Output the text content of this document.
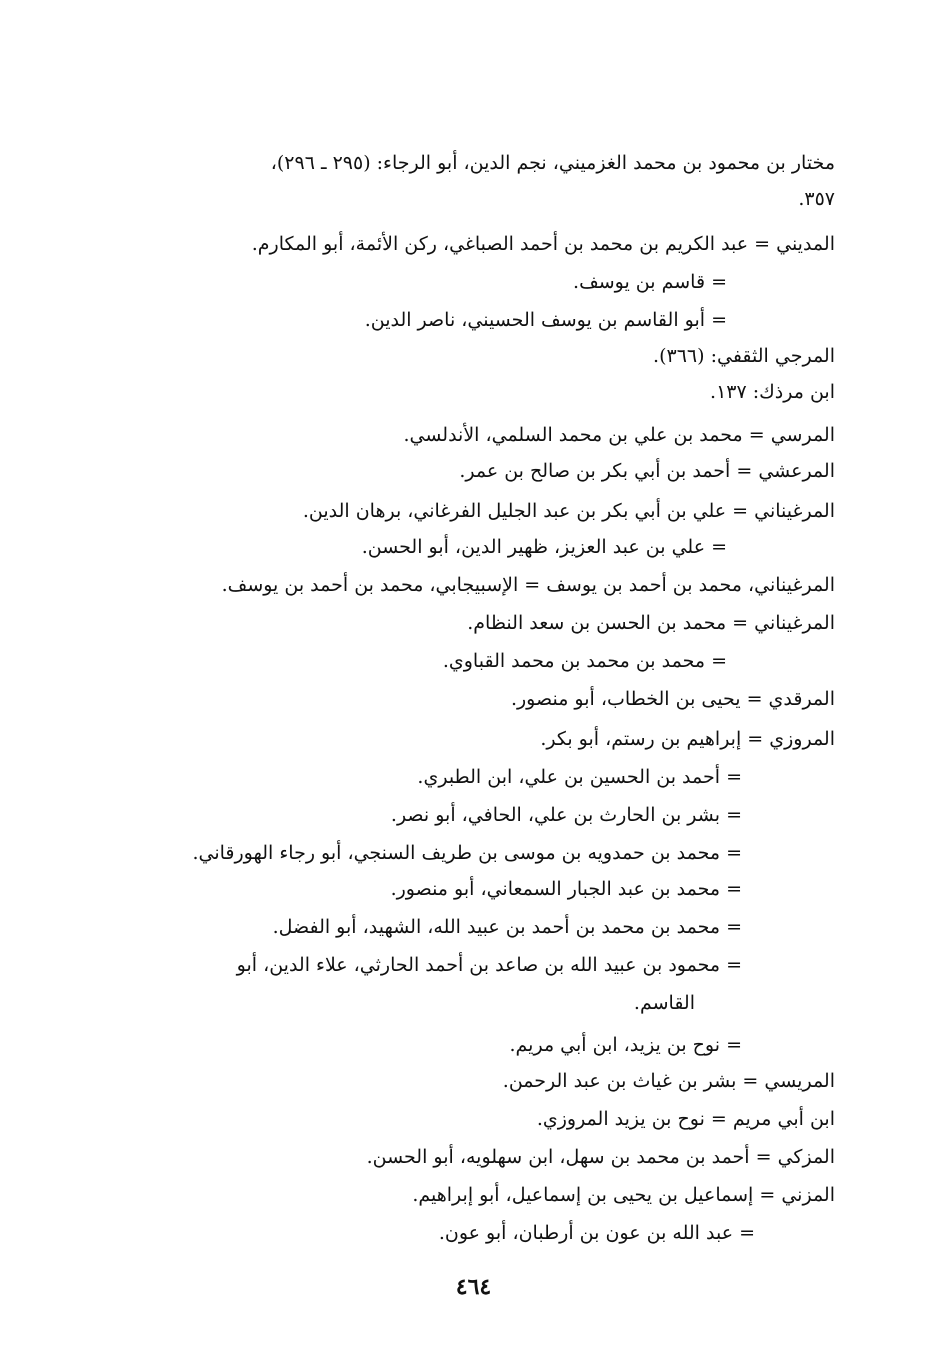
مختار بن محمود بن محمد الغزميني، نجم الدين، أبو الرجاء: (٢٩٥ ـ ٢٩٦)،
٣٥٧.
المديني = عبد الكريم بن محمد بن أحمد الصباغي، ركن الأئمة، أبو المكارم.
= قاسم بن يوسف.
= أبو القاسم بن يوسف الحسيني، ناصر الدين.
المرجي الثقفي: (٣٦٦).
ابن مرذك: ١٣٧.
المرسي = محمد بن علي بن محمد السلمي، الأندلسي.
المرعشي = أحمد بن أبي بكر بن صالح بن عمر.
المرغيناني = علي بن أبي بكر بن عبد الجليل الفرغاني، برهان الدين.
= علي بن عبد العزيز، ظهير الدين، أبو الحسن.
المرغيناني، محمد بن أحمد بن يوسف = الإسبيجابي، محمد بن أحمد بن يوسف.
المرغيناني = محمد بن الحسن بن سعد النظام.
= محمد بن محمد بن محمد القباوي.
المرقدي = يحيى بن الخطاب، أبو منصور.
المروزي = إبراهيم بن رستم، أبو بكر.
= أحمد بن الحسين بن علي، ابن الطبري.
= بشر بن الحارث بن علي، الحافي، أبو نصر.
= محمد بن حمدويه بن موسى بن طريف السنجي، أبو رجاء الهورقاني.
= محمد بن عبد الجبار السمعاني، أبو منصور.
= محمد بن محمد بن أحمد بن عبيد الله، الشهيد، أبو الفضل.
= محمود بن عبيد الله بن صاعد بن أحمد الحارثي، علاء الدين، أبو
القاسم.
= نوح بن يزيد، ابن أبي مريم.
المريسي = بشر بن غياث بن عبد الرحمن.
ابن أبي مريم = نوح بن يزيد المروزي.
المزكي = أحمد بن محمد بن سهل، ابن سهلويه، أبو الحسن.
المزني = إسماعيل بن يحيى بن إسماعيل، أبو إبراهيم.
= عبد الله بن عون بن أرطبان، أبو عون.
٤٦٤
